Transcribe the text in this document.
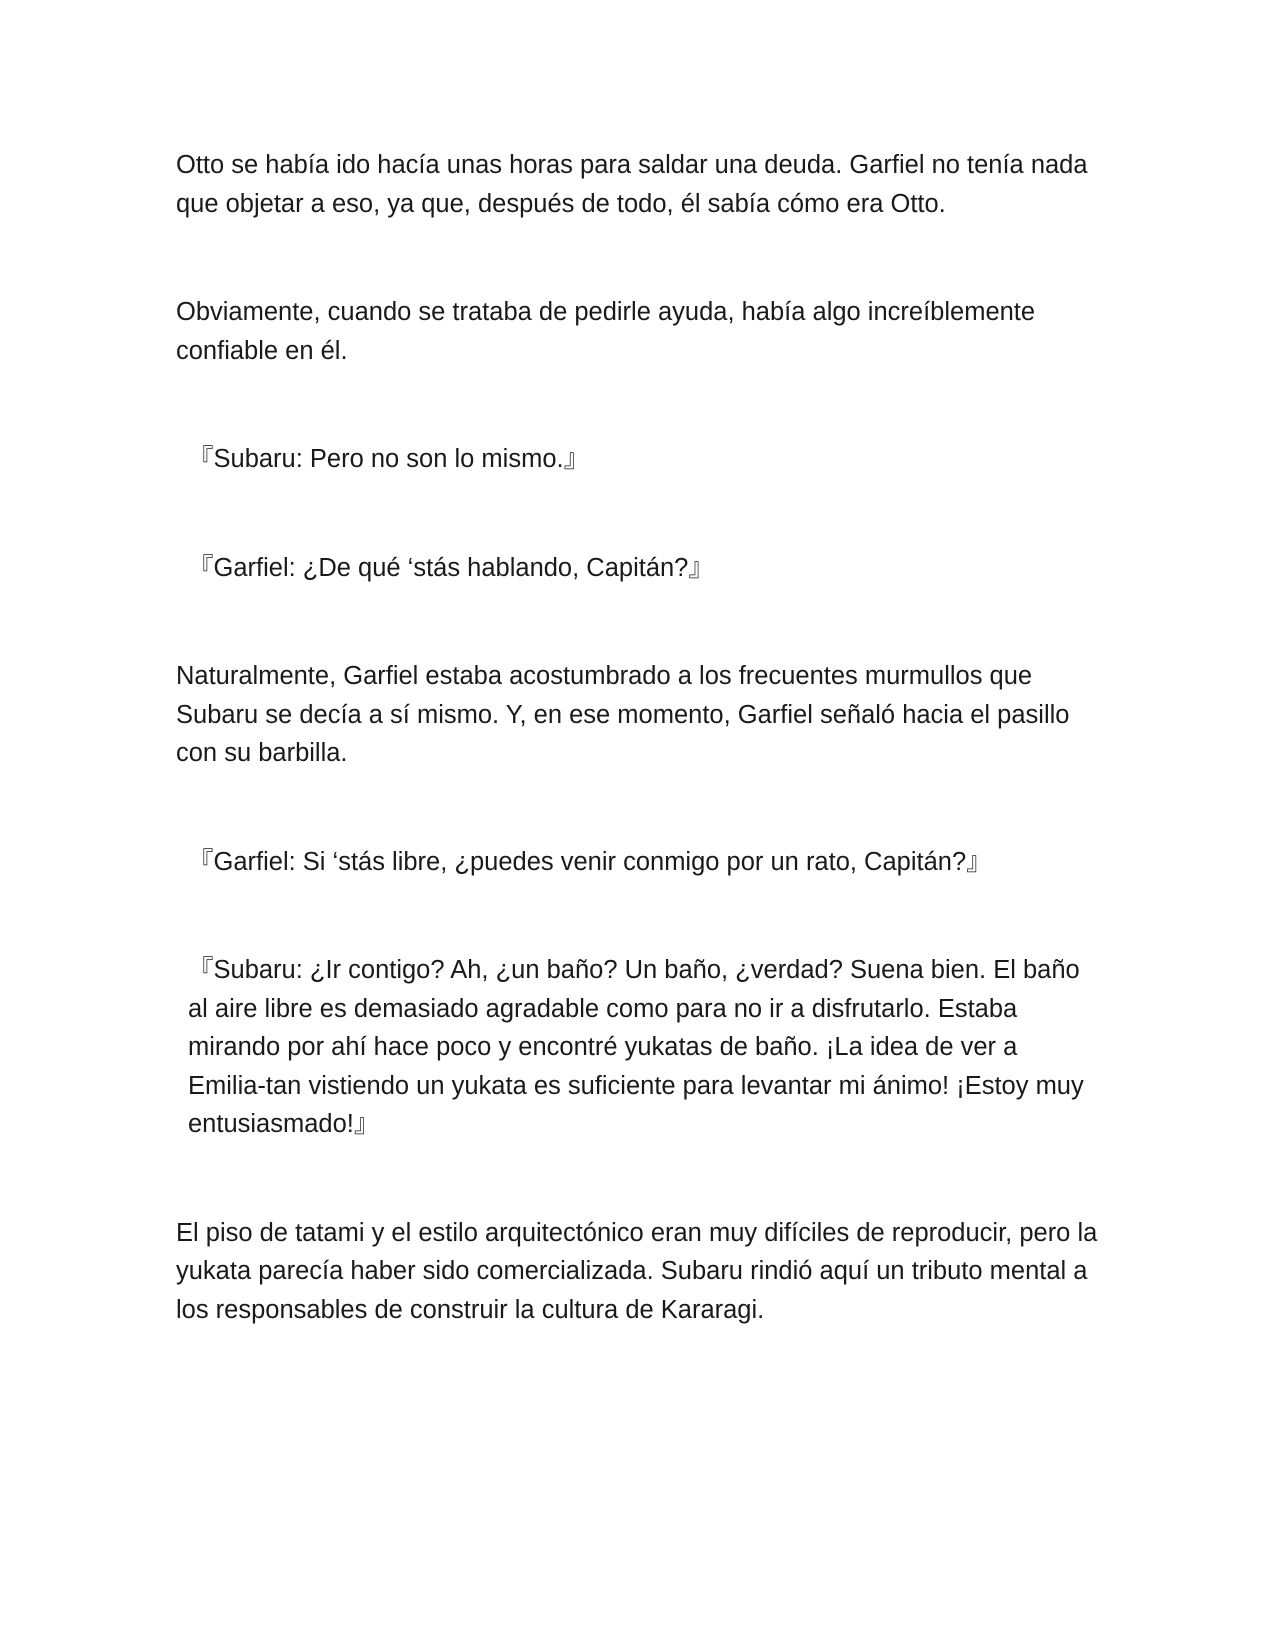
Otto se había ido hacía unas horas para saldar una deuda. Garfiel no tenía nada que objetar a eso, ya que, después de todo, él sabía cómo era Otto.

Obviamente, cuando se trataba de pedirle ayuda, había algo increíblemente confiable en él.

『Subaru: Pero no son lo mismo.』

『Garfiel: ¿De qué ‘stás hablando, Capitán?』

Naturalmente, Garfiel estaba acostumbrado a los frecuentes murmullos que Subaru se decía a sí mismo. Y, en ese momento, Garfiel señaló hacia el pasillo con su barbilla.

『Garfiel: Si ‘stás libre, ¿puedes venir conmigo por un rato, Capitán?』

『Subaru: ¿Ir contigo? Ah, ¿un baño? Un baño, ¿verdad? Suena bien. El baño al aire libre es demasiado agradable como para no ir a disfrutarlo. Estaba mirando por ahí hace poco y encontré yukatas de baño. ¡La idea de ver a Emilia-tan vistiendo un yukata es suficiente para levantar mi ánimo! ¡Estoy muy entusiasmado!』

El piso de tatami y el estilo arquitectónico eran muy difíciles de reproducir, pero la yukata parecía haber sido comercializada. Subaru rindió aquí un tributo mental a los responsables de construir la cultura de Kararagi.
